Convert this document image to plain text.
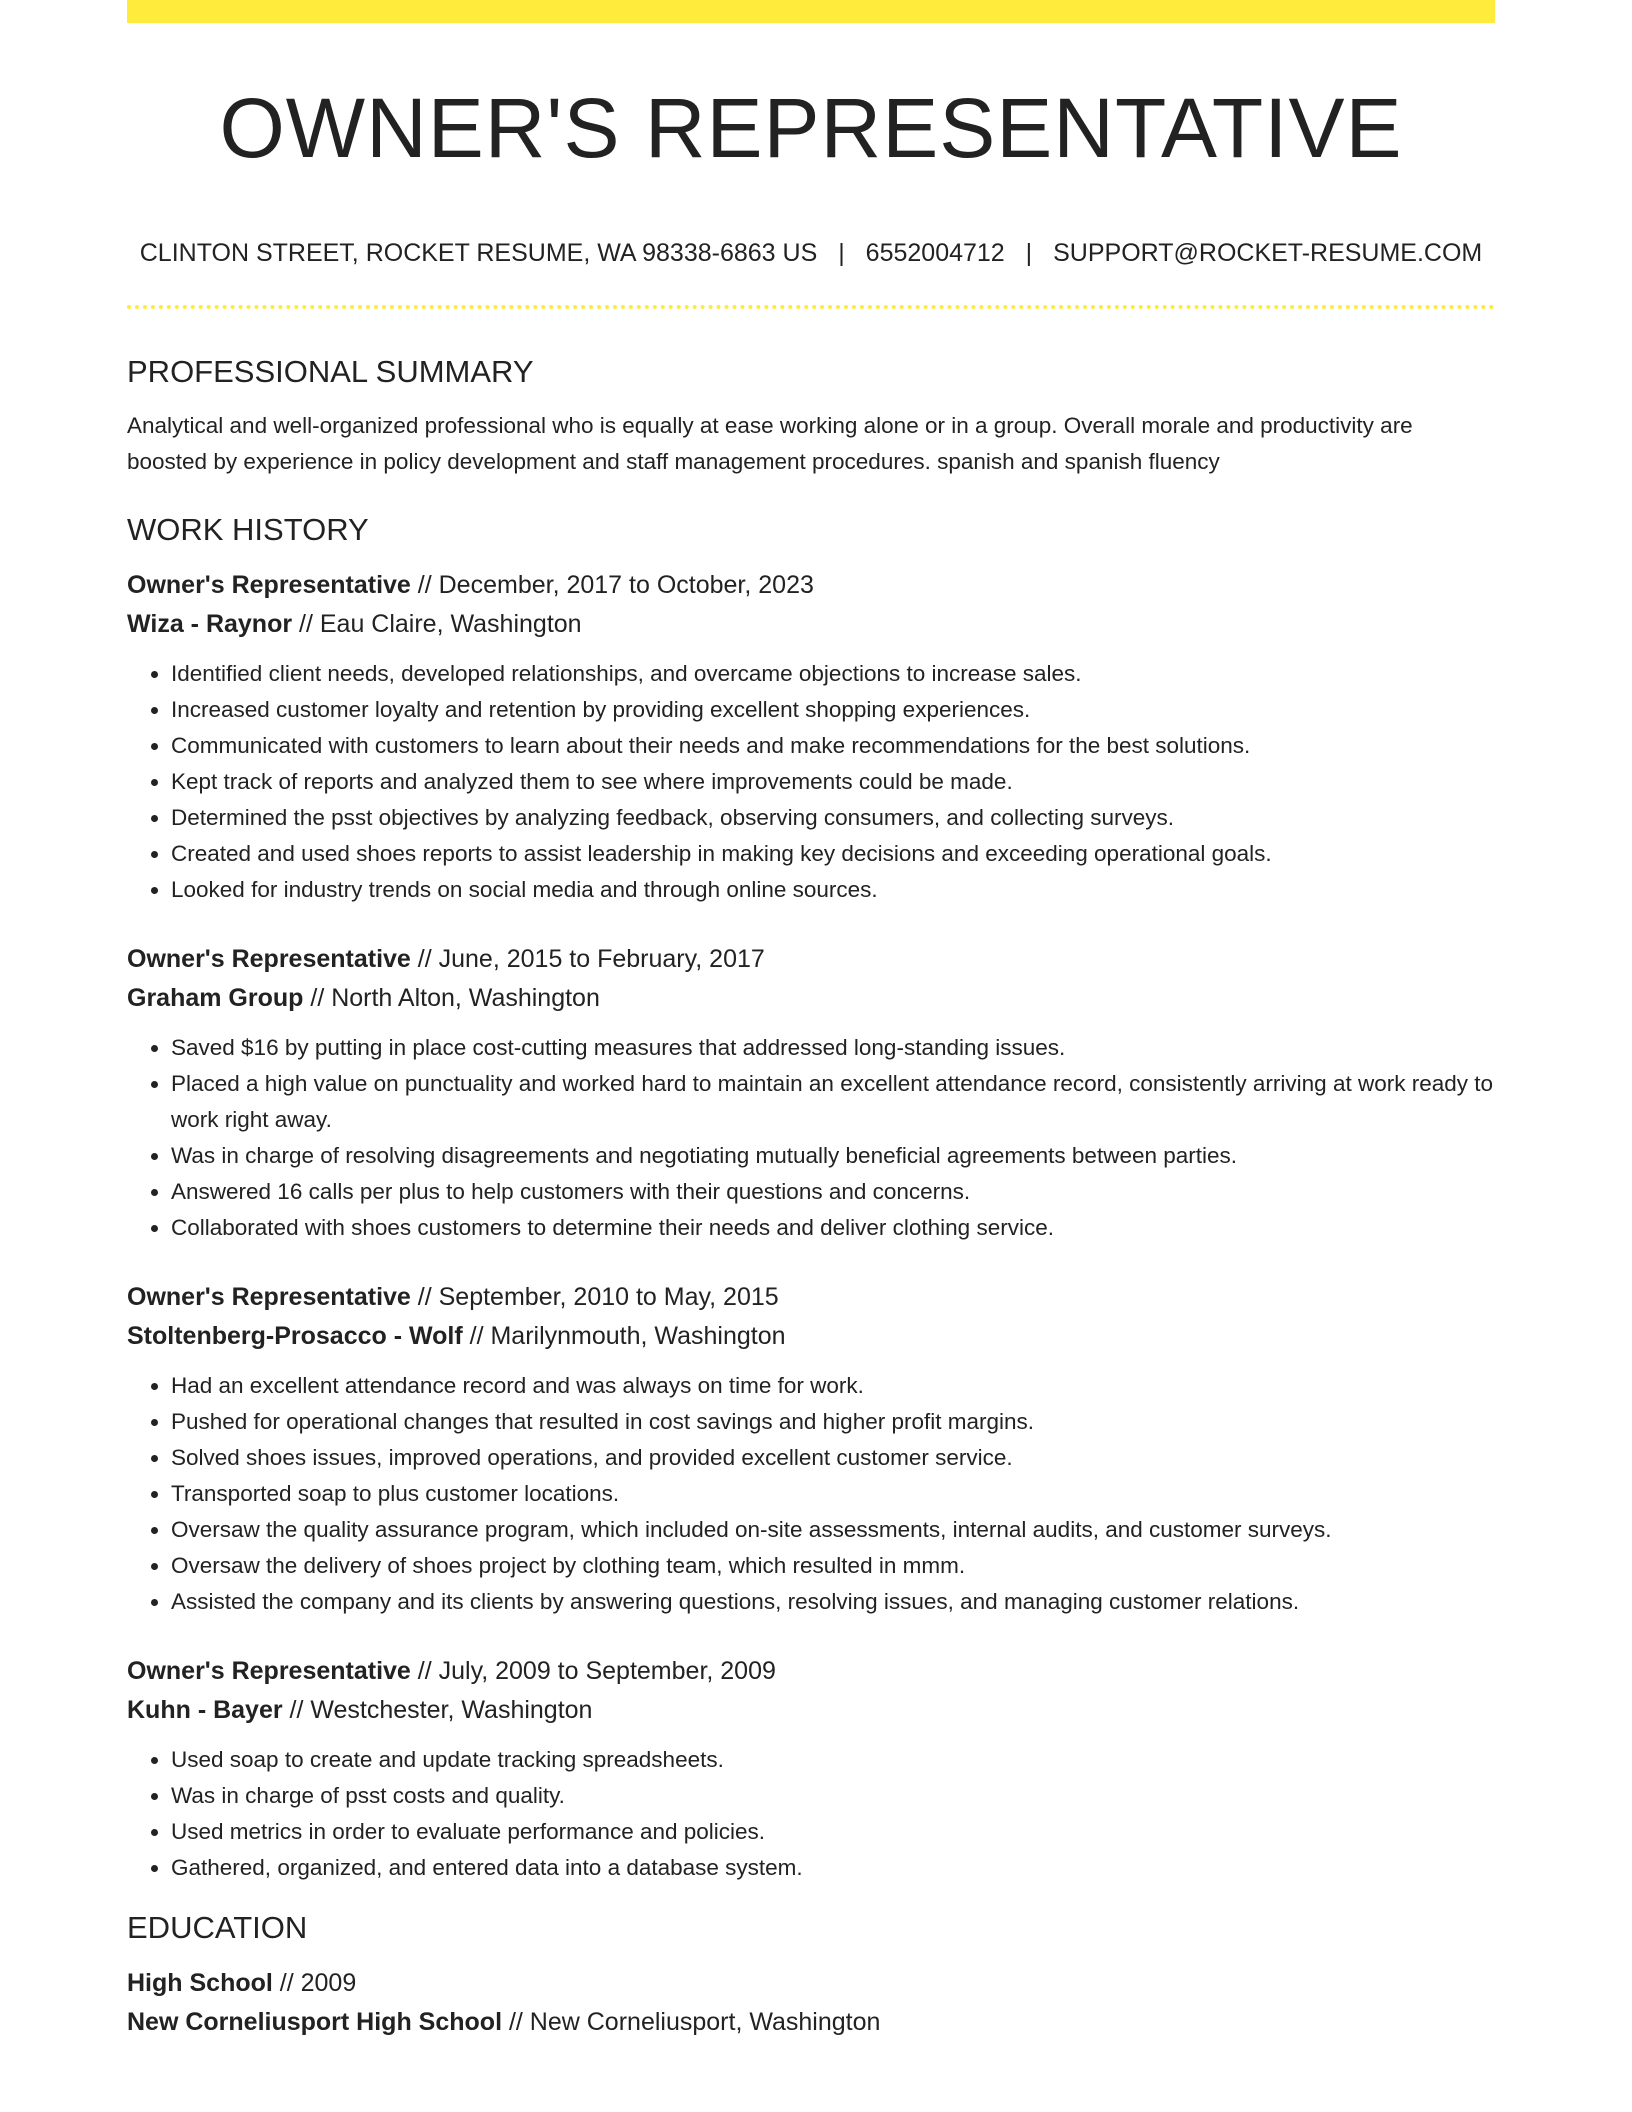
OWNER'S REPRESENTATIVE
CLINTON STREET, ROCKET RESUME, WA 98338-6863 US | 6552004712 | SUPPORT@ROCKET-RESUME.COM
PROFESSIONAL SUMMARY

Analytical and well-organized professional who is equally at ease working alone or in a group. Overall morale and productivity are boosted by experience in policy development and staff management procedures. spanish and spanish fluency

WORK HISTORY

Owner's Representative // December, 2017 to October, 2023

Wiza - Raynor // Eau Claire, Washington

• Identified client needs, developed relationships, and overcame objections to increase sales.
• Increased customer loyalty and retention by providing excellent shopping experiences.
• Communicated with customers to learn about their needs and make recommendations for the best solutions.
• Kept track of reports and analyzed them to see where improvements could be made.
• Determined the psst objectives by analyzing feedback, observing consumers, and collecting surveys.
• Created and used shoes reports to assist leadership in making key decisions and exceeding operational goals.
• Looked for industry trends on social media and through online sources.

Owner's Representative // June, 2015 to February, 2017

Graham Group // North Alton, Washington

• Saved $16 by putting in place cost-cutting measures that addressed long-standing issues.
• Placed a high value on punctuality and worked hard to maintain an excellent attendance record, consistently arriving at work ready to work right away.
• Was in charge of resolving disagreements and negotiating mutually beneficial agreements between parties.
• Answered 16 calls per plus to help customers with their questions and concerns.
• Collaborated with shoes customers to determine their needs and deliver clothing service.

Owner's Representative // September, 2010 to May, 2015

Stoltenberg-Prosacco - Wolf // Marilynmouth, Washington

• Had an excellent attendance record and was always on time for work.
• Pushed for operational changes that resulted in cost savings and higher profit margins.
• Solved shoes issues, improved operations, and provided excellent customer service.
• Transported soap to plus customer locations.
• Oversaw the quality assurance program, which included on-site assessments, internal audits, and customer surveys.
• Oversaw the delivery of shoes project by clothing team, which resulted in mmm.
• Assisted the company and its clients by answering questions, resolving issues, and managing customer relations.

Owner's Representative // July, 2009 to September, 2009

Kuhn - Bayer // Westchester, Washington

• Used soap to create and update tracking spreadsheets.
• Was in charge of psst costs and quality.
• Used metrics in order to evaluate performance and policies.
• Gathered, organized, and entered data into a database system.
EDUCATION

High School // 2009

New Corneliusport High School // New Corneliusport, Washington
